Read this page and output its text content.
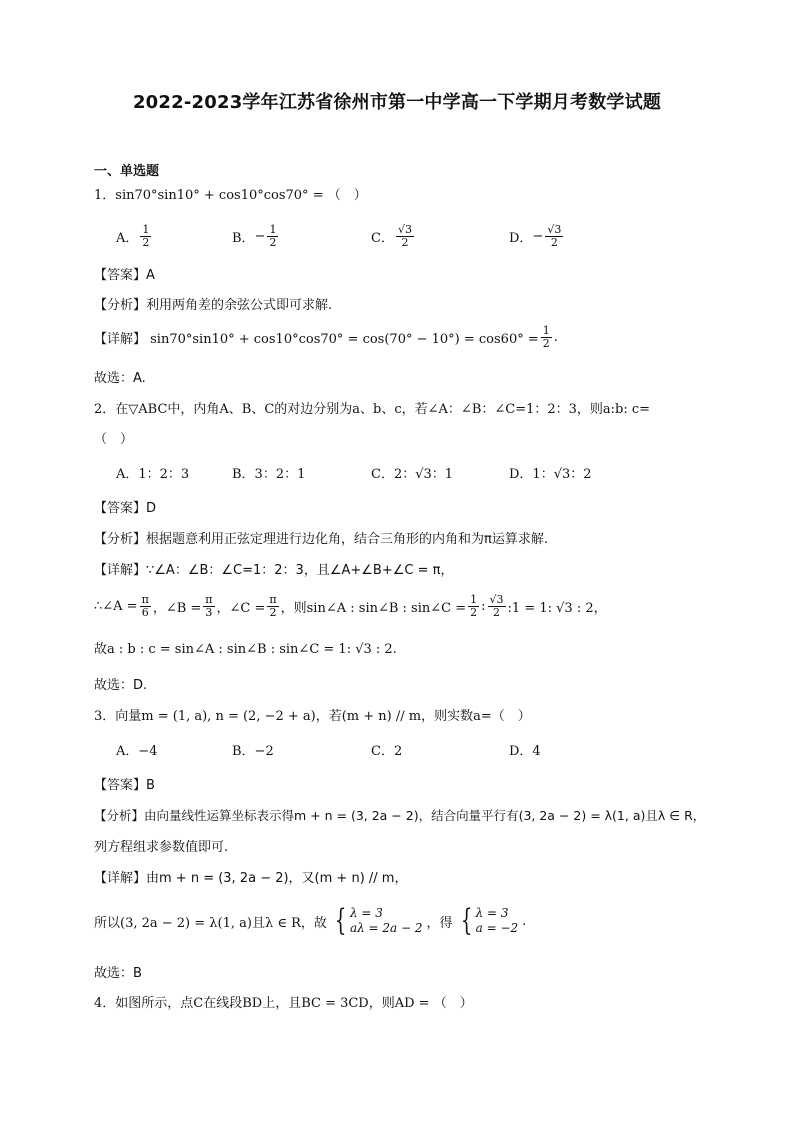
2022-2023学年江苏省徐州市第一中学高一下学期月考数学试题
一、单选题
1．sin70°sin10° + cos10°cos70° = （　）
A． $\frac{1}{2}$	B． − $\frac{1}{2}$	C． $\frac{√3}{2}$	D． − $\frac{√3}{2}$
【答案】A
【分析】利用两角差的余弦公式即可求解.
【详解】 $\sin 70^\circ\sin 10^\circ + \cos 10^\circ\cos 70^\circ = \cos(70^\circ - 10^\circ) = \cos 60^\circ = \frac{1}{2}$ .
故选：A.
2．在▽ABC中，内角A、B、C的对边分别为a、b、c，若∠A：∠B：∠C=1：2：3，则a:b: c=
（　）
A．1：2：3	B．3：2：1	C．2：√3：1	D．1：√3：2
【答案】D
【分析】根据题意利用正弦定理进行边化角，结合三角形的内角和为π运算求解.
【详解】∵∠A：∠B：∠C=1：2：3，且∠A+∠B+∠C = π，
∴∠A = $\frac{\pi}{6}$ ，∠B = $\frac{\pi}{3}$ ，∠C = $\frac{\pi}{2}$ ，则sin∠A : sin∠B : sin∠C = $\frac{1}{2}$ : $\frac{√3}{2}$ :1 = 1: √3 : 2，
故a : b : c = sin∠A : sin∠B : sin∠C = 1: √3 : 2.
故选：D.
3．向量m = (1, a), n = (2, −2 + a)，若(m + n) // m，则实数a=（　）
A．−4	B．−2	C．2	D．4
【答案】B
【分析】由向量线性运算坐标表示得m + n = (3, 2a − 2)，结合向量平行有(3, 2a − 2) = λ(1, a)且λ ∈ R，
列方程组求参数值即可.
【详解】由m + n = (3, 2a − 2)，又(m + n) // m，
所以(3, 2a − 2) = λ(1, a)且λ ∈ R，故 { λ = 3
aλ = 2a − 2 ，得 { λ = 3
a = −2 .
故选：B
4．如图所示，点C在线段BD上，且BC = 3CD，则AD = （　）
